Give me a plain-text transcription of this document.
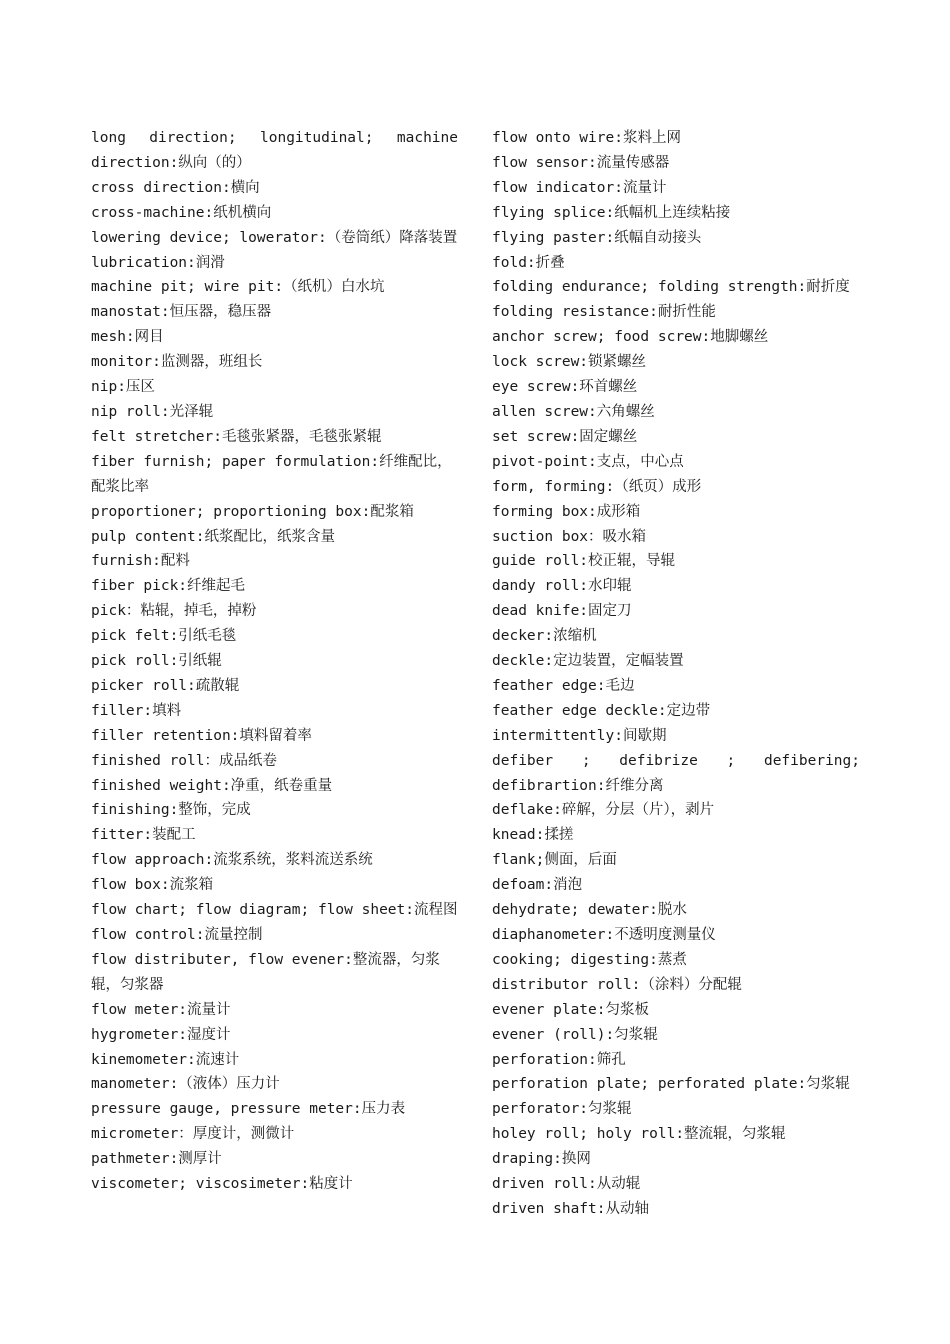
long direction; longitudinal; machine direction:纵向（的）

cross direction:横向

cross-machine:纸机横向

lowering device; lowerator:（卷筒纸）降落装置

lubrication:润滑

machine pit; wire pit:（纸机）白水坑

manostat:恒压器，稳压器

mesh:网目

monitor:监测器，班组长

nip:压区

nip roll:光泽辊

felt stretcher:毛毯张紧器，毛毯张紧辊

fiber furnish; paper formulation:纤维配比，配浆比率

proportioner; proportioning box:配浆箱

pulp content:纸浆配比，纸浆含量

furnish:配料

fiber pick:纤维起毛

pick：粘辊，掉毛，掉粉

pick felt:引纸毛毯

pick roll:引纸辊

picker roll:疏散辊

filler:填料

filler retention:填料留着率

finished roll：成品纸卷

finished weight:净重，纸卷重量

finishing:整饰，完成

fitter:装配工

flow approach:流浆系统，浆料流送系统

flow box:流浆箱

flow chart; flow diagram; flow sheet:流程图

flow control:流量控制

flow distributer, flow evener:整流器，匀浆辊，匀浆器

flow meter:流量计

hygrometer:湿度计

kinemometer:流速计

manometer:（液体）压力计

pressure gauge, pressure meter:压力表

micrometer：厚度计，测微计

pathmeter:测厚计

viscometer; viscosimeter:粘度计

flow onto wire:浆料上网

flow sensor:流量传感器

flow indicator:流量计

flying splice:纸幅机上连续粘接

flying paster:纸幅自动接头

fold:折叠

folding endurance; folding strength:耐折度

folding resistance:耐折性能

anchor screw; food screw:地脚螺丝

lock screw:锁紧螺丝

eye screw:环首螺丝

allen screw:六角螺丝

set screw:固定螺丝

pivot-point:支点，中心点

form, forming:（纸页）成形

forming box:成形箱

suction box：吸水箱

guide roll:校正辊，导辊

dandy roll:水印辊

dead knife:固定刀

decker:浓缩机

deckle:定边装置，定幅装置

feather edge:毛边

feather edge deckle:定边带

intermittently:间歇期

defiber ; defibrize ; defibering; defibrartion:纤维分离

deflake:碎解，分层（片），剥片

knead:揉搓

flank;侧面，后面

defoam:消泡

dehydrate; dewater:脱水

diaphanometer:不透明度测量仪

cooking; digesting:蒸煮

distributor roll:（涂料）分配辊

evener plate:匀浆板

evener (roll):匀浆辊

perforation:筛孔

perforation plate; perforated plate:匀浆辊

perforator:匀浆辊

holey roll; holy roll:整流辊，匀浆辊

draping:换网

driven roll:从动辊

driven shaft:从动轴
